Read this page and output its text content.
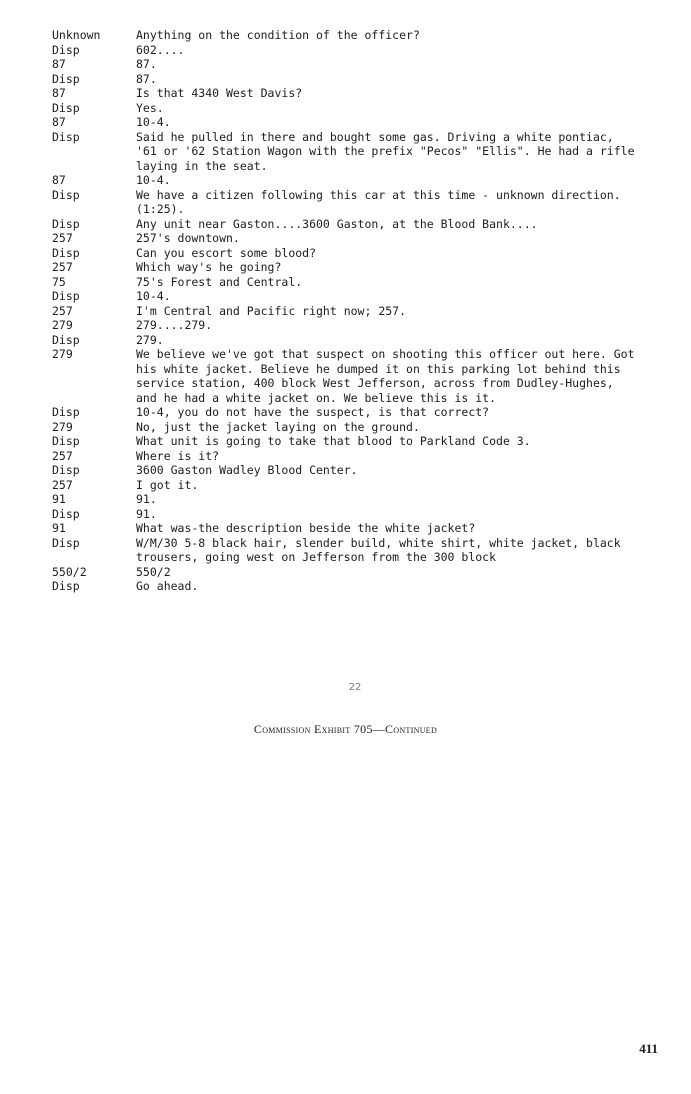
Unknown	Anything on the condition of the officer?
Disp	602....
87	87.
Disp	87.
87	Is that 4340 West Davis?
Disp	Yes.
87	10-4.
Disp	Said he pulled in there and bought some gas. Driving a white pontiac, '61 or '62 Station Wagon with the prefix "Pecos" "Ellis". He had a rifle laying in the seat.
87	10-4.
Disp	We have a citizen following this car at this time - unknown direction. (1:25).
Disp	Any unit near Gaston....3600 Gaston, at the Blood Bank....
257	257's downtown.
Disp	Can you escort some blood?
257	Which way's he going?
75	75's Forest and Central.
Disp	10-4.
257	I'm Central and Pacific right now; 257.
279	279....279.
Disp	279.
279	We believe we've got that suspect on shooting this officer out here. Got his white jacket. Believe he dumped it on this parking lot behind this service station, 400 block West Jefferson, across from Dudley-Hughes, and he had a white jacket on. We believe this is it.
Disp	10-4, you do not have the suspect, is that correct?
279	No, just the jacket laying on the ground.
Disp	What unit is going to take that blood to Parkland Code 3.
257	Where is it?
Disp	3600 Gaston Wadley Blood Center.
257	I got it.
91	91.
Disp	91.
91	What was-the description beside the white jacket?
Disp	W/M/30 5-8 black hair, slender build, white shirt, white jacket, black trousers, going west on Jefferson from the 300 block
550/2	550/2
Disp	Go ahead.
22
Commission Exhibit 705—Continued
411
